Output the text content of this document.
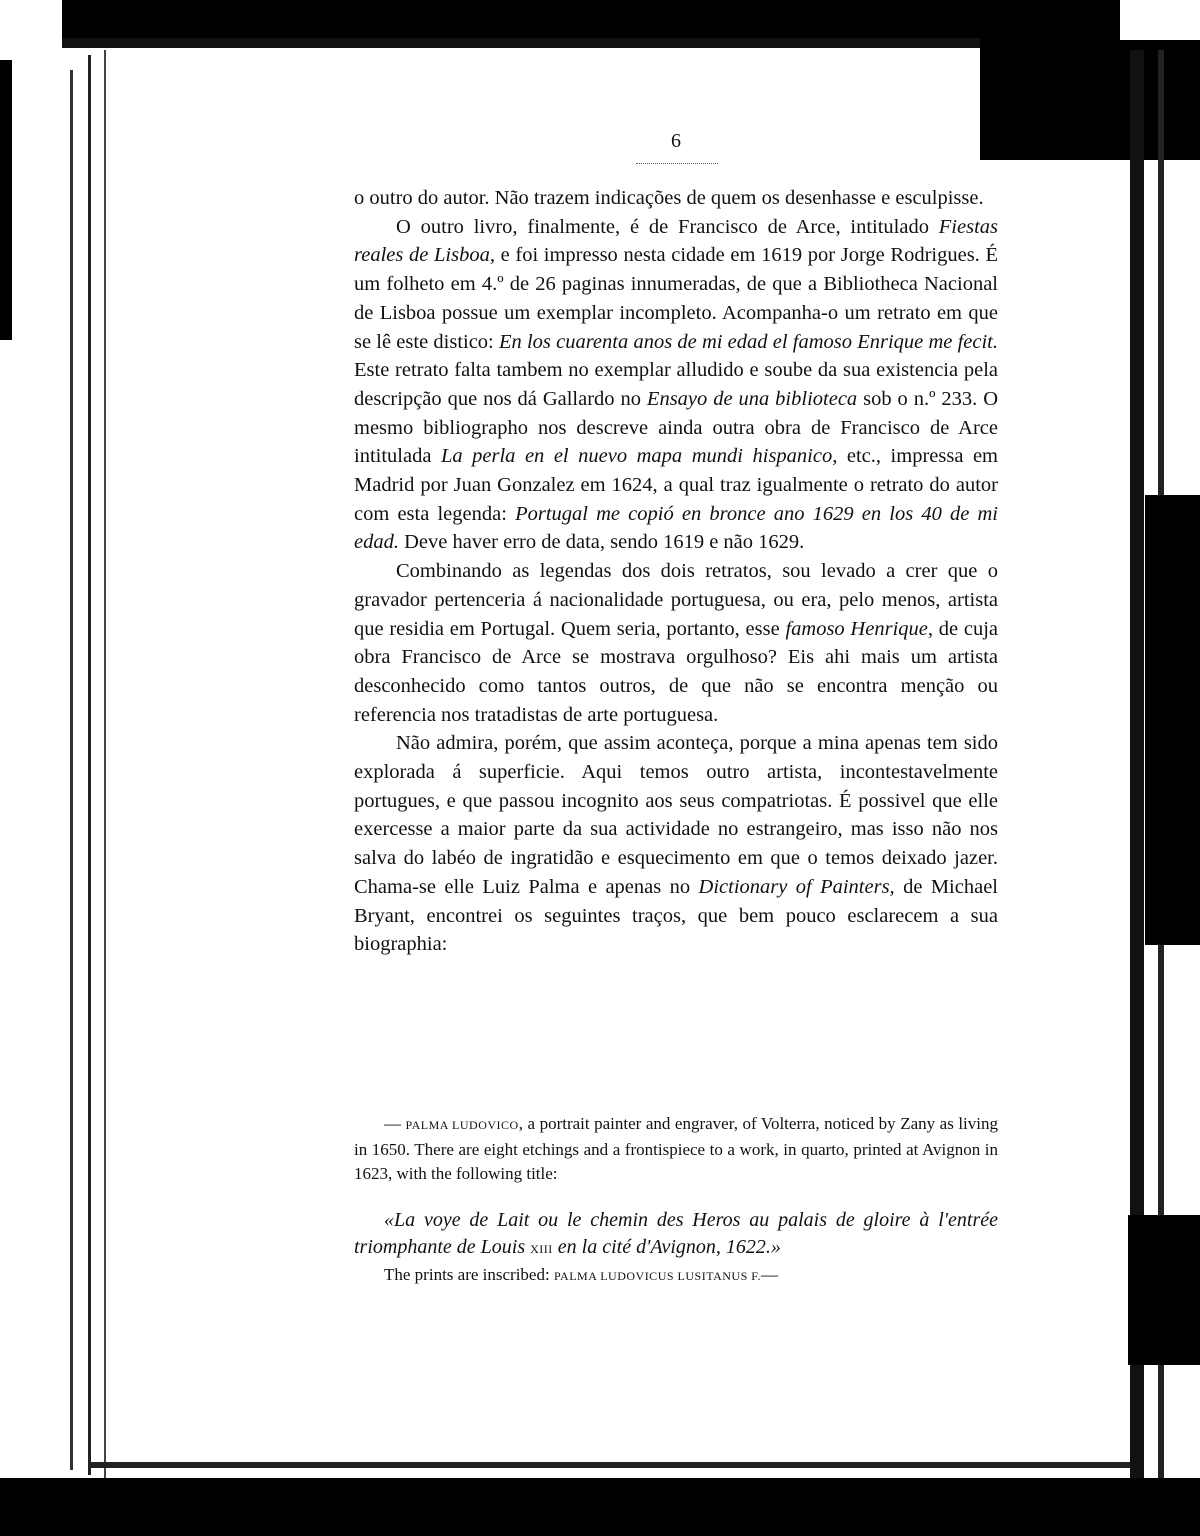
6

o outro do autor. Não trazem indicações de quem os desenhasse e esculpisse.

O outro livro, finalmente, é de Francisco de Arce, intitulado Fiestas reales de Lisboa, e foi impresso nesta cidade em 1619 por Jorge Rodrigues. É um folheto em 4.º de 26 paginas innumeradas, de que a Bibliotheca Nacional de Lisboa possue um exemplar incompleto. Acompanha-o um retrato em que se lê este distico: En los cuarenta anos de mi edad el famoso Enrique me fecit. Este retrato falta tambem no exemplar alludido e soube da sua existencia pela descripção que nos dá Gallardo no Ensayo de una biblioteca sob o n.º 233. O mesmo bibliographo nos descreve ainda outra obra de Francisco de Arce intitulada La perla en el nuevo mapa mundi hispanico, etc., impressa em Madrid por Juan Gonzalez em 1624, a qual traz igualmente o retrato do autor com esta legenda: Portugal me copió en bronce ano 1629 en los 40 de mi edad. Deve haver erro de data, sendo 1619 e não 1629.

Combinando as legendas dos dois retratos, sou levado a crer que o gravador pertenceria á nacionalidade portuguesa, ou era, pelo menos, artista que residia em Portugal. Quem seria, portanto, esse famoso Henrique, de cuja obra Francisco de Arce se mostrava orgulhoso? Eis ahi mais um artista desconhecido como tantos outros, de que não se encontra menção ou referencia nos tratadistas de arte portuguesa.

Não admira, porém, que assim aconteça, porque a mina apenas tem sido explorada á superficie. Aqui temos outro artista, incontestavelmente portugues, e que passou incognito aos seus compatriotas. É possivel que elle exercesse a maior parte da sua actividade no estrangeiro, mas isso não nos salva do labéo de ingratidão e esquecimento em que o temos deixado jazer. Chama-se elle Luiz Palma e apenas no Dictionary of Painters, de Michael Bryant, encontrei os seguintes traços, que bem pouco esclarecem a sua biographia:

— PALMA LUDOVICO, a portrait painter and engraver, of Volterra, noticed by Zany as living in 1650. There are eight etchings and a frontispiece to a work, in quarto, printed at Avignon in 1623, with the following title:

«La voye de Lait ou le chemin des Heros au palais de gloire à l'entrée triomphante de Louis XIII en la cité d'Avignon, 1622.»

The prints are inscribed: PALMA LUDOVICUS LUSITANUS F.—
